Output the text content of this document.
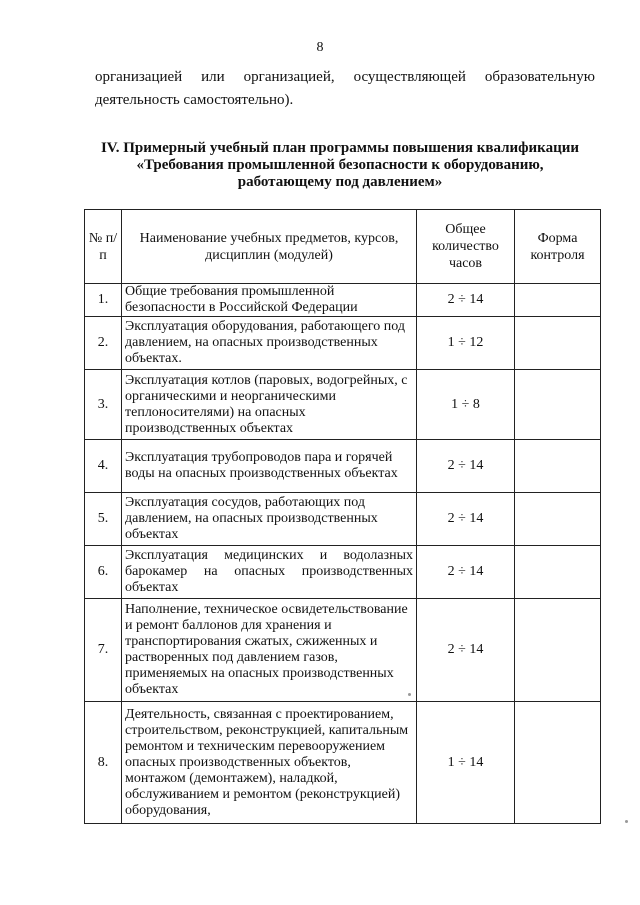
8
организацией или организацией, осуществляющей образовательную
деятельность самостоятельно).
IV. Примерный учебный план программы повышения квалификации
«Требования промышленной безопасности к оборудованию,
работающему под давлением»
№ п/п	Наименование учебных предметов, курсов, дисциплин (модулей)	Общее количество часов	Форма контроля
1.	Общие требования промышленной безопасности в Российской Федерации	2 ÷ 14	
2.	Эксплуатация оборудования, работающего под давлением, на опасных производственных объектах.	1 ÷ 12	
3.	Эксплуатация котлов (паровых, водогрейных, с органическими и неорганическими теплоносителями) на опасных производственных объектах	1 ÷ 8	
4.	Эксплуатация трубопроводов пара и горячей воды на опасных производственных объектах	2 ÷ 14	
5.	Эксплуатация сосудов, работающих под давлением, на опасных производственных объектах	2 ÷ 14	
6.	Эксплуатация медицинских и водолазных барокамер на опасных производственных объектах	2 ÷ 14	
7.	Наполнение, техническое освидетельствование и ремонт баллонов для хранения и транспортирования сжатых, сжиженных и растворенных под давлением газов, применяемых на опасных производственных объектах	2 ÷ 14	
8.	Деятельность, связанная с проектированием, строительством, реконструкцией, капитальным ремонтом и техническим перевооружением опасных производственных объектов, монтажом (демонтажем), наладкой, обслуживанием и ремонтом (реконструкцией) оборудования,	1 ÷ 14	
